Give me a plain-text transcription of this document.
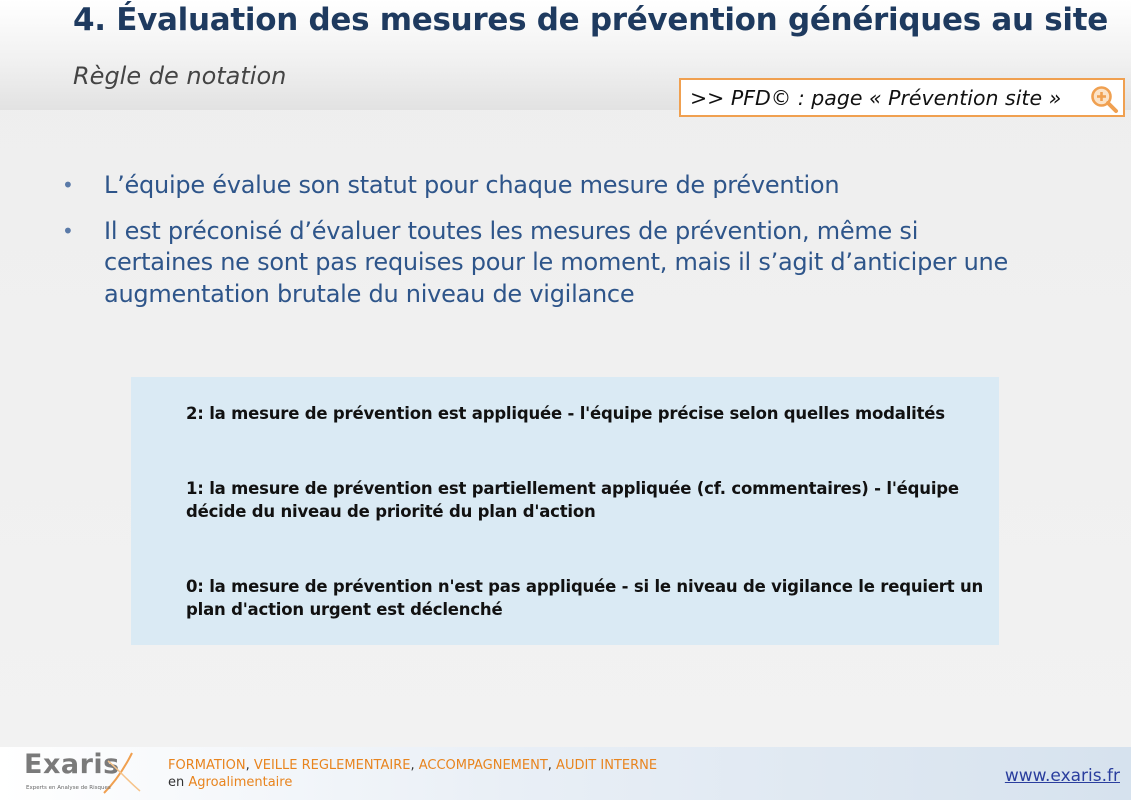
4. Évaluation des mesures de prévention génériques au site
Règle de notation
>> PFD© : page « Prévention site »
•	L’équipe évalue son statut pour chaque mesure de prévention
•	Il est préconisé d’évaluer toutes les mesures de prévention, même si certaines ne sont pas requises pour le moment, mais il s’agit d’anticiper une augmentation brutale du niveau de vigilance
2: la mesure de prévention est appliquée - l'équipe précise selon quelles modalités
1: la mesure de prévention est partiellement appliquée (cf. commentaires) - l'équipe décide du niveau de priorité du plan d'action
0: la mesure de prévention n'est pas appliquée - si le niveau de vigilance le requiert un plan d'action urgent est déclenché
Exaris
Experts en Analyse de Risques
FORMATION, VEILLE REGLEMENTAIRE, ACCOMPAGNEMENT, AUDIT INTERNE
en Agroalimentaire	www.exaris.fr
